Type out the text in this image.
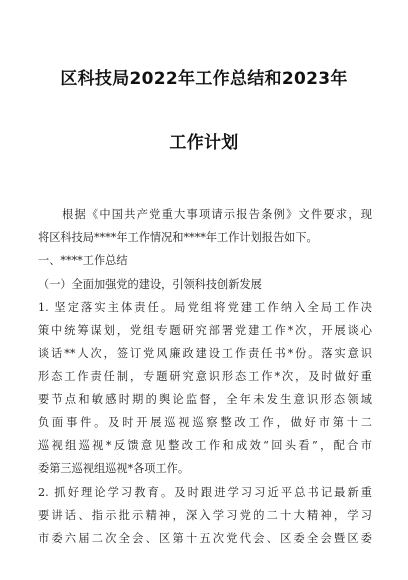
区科技局2022年工作总结和2023年
工作计划
根据《中国共产党重大事项请示报告条例》文件要求，现
将区科技局****年工作情况和****年工作计划报告如下。
一、****工作总结
（一）全面加强党的建设，引领科技创新发展
1. 坚定落实主体责任。局党组将党建工作纳入全局工作决
策中统筹谋划，党组专题研究部署党建工作*次，开展谈心
谈话**人次，签订党风廉政建设工作责任书*份。落实意识
形态工作责任制，专题研究意识形态工作*次，及时做好重
要节点和敏感时期的舆论监督，全年未发生意识形态领域
负面事件。及时开展巡视巡察整改工作，做好市第十二
巡视组巡视*反馈意见整改工作和成效“回头看”，配合市
委第三巡视组巡视*各项工作。
2. 抓好理论学习教育。及时跟进学习习近平总书记最新重
要讲话、指示批示精神，深入学习党的二十大精神，学习
市委六届二次全会、区第十五次党代会、区委全会暨区委
